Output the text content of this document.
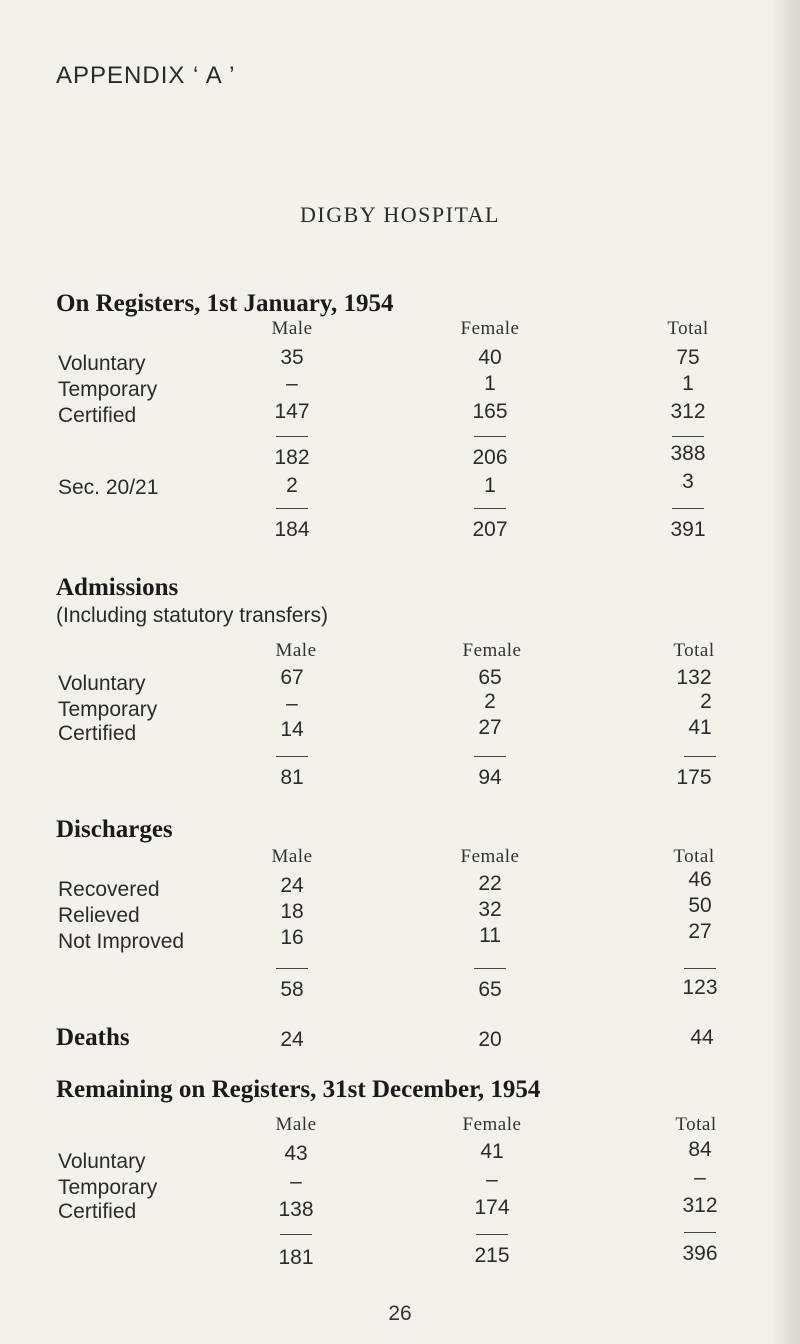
APPENDIX ‘ A ’
DIGBY HOSPITAL
On Registers, 1st January, 1954
Male	Female	Total
Voluntary	35	40	75
Temporary	–	1	1
Certified	147	165	312
182	206	388
Sec. 20/21	2	1	3
184	207	391
Admissions
(Including statutory transfers)
Male	Female	Total
Voluntary	67	65	132
Temporary	–	2	2
Certified	14	27	41
81	94	175
Discharges
Male	Female	Total
Recovered	24	22	46
Relieved	18	32	50
Not Improved	16	11	27
58	65	123
Deaths	24	20	44
Remaining on Registers, 31st December, 1954
Male	Female	Total
Voluntary	43	41	84
Temporary	–	–	–
Certified	138	174	312
181	215	396
26
